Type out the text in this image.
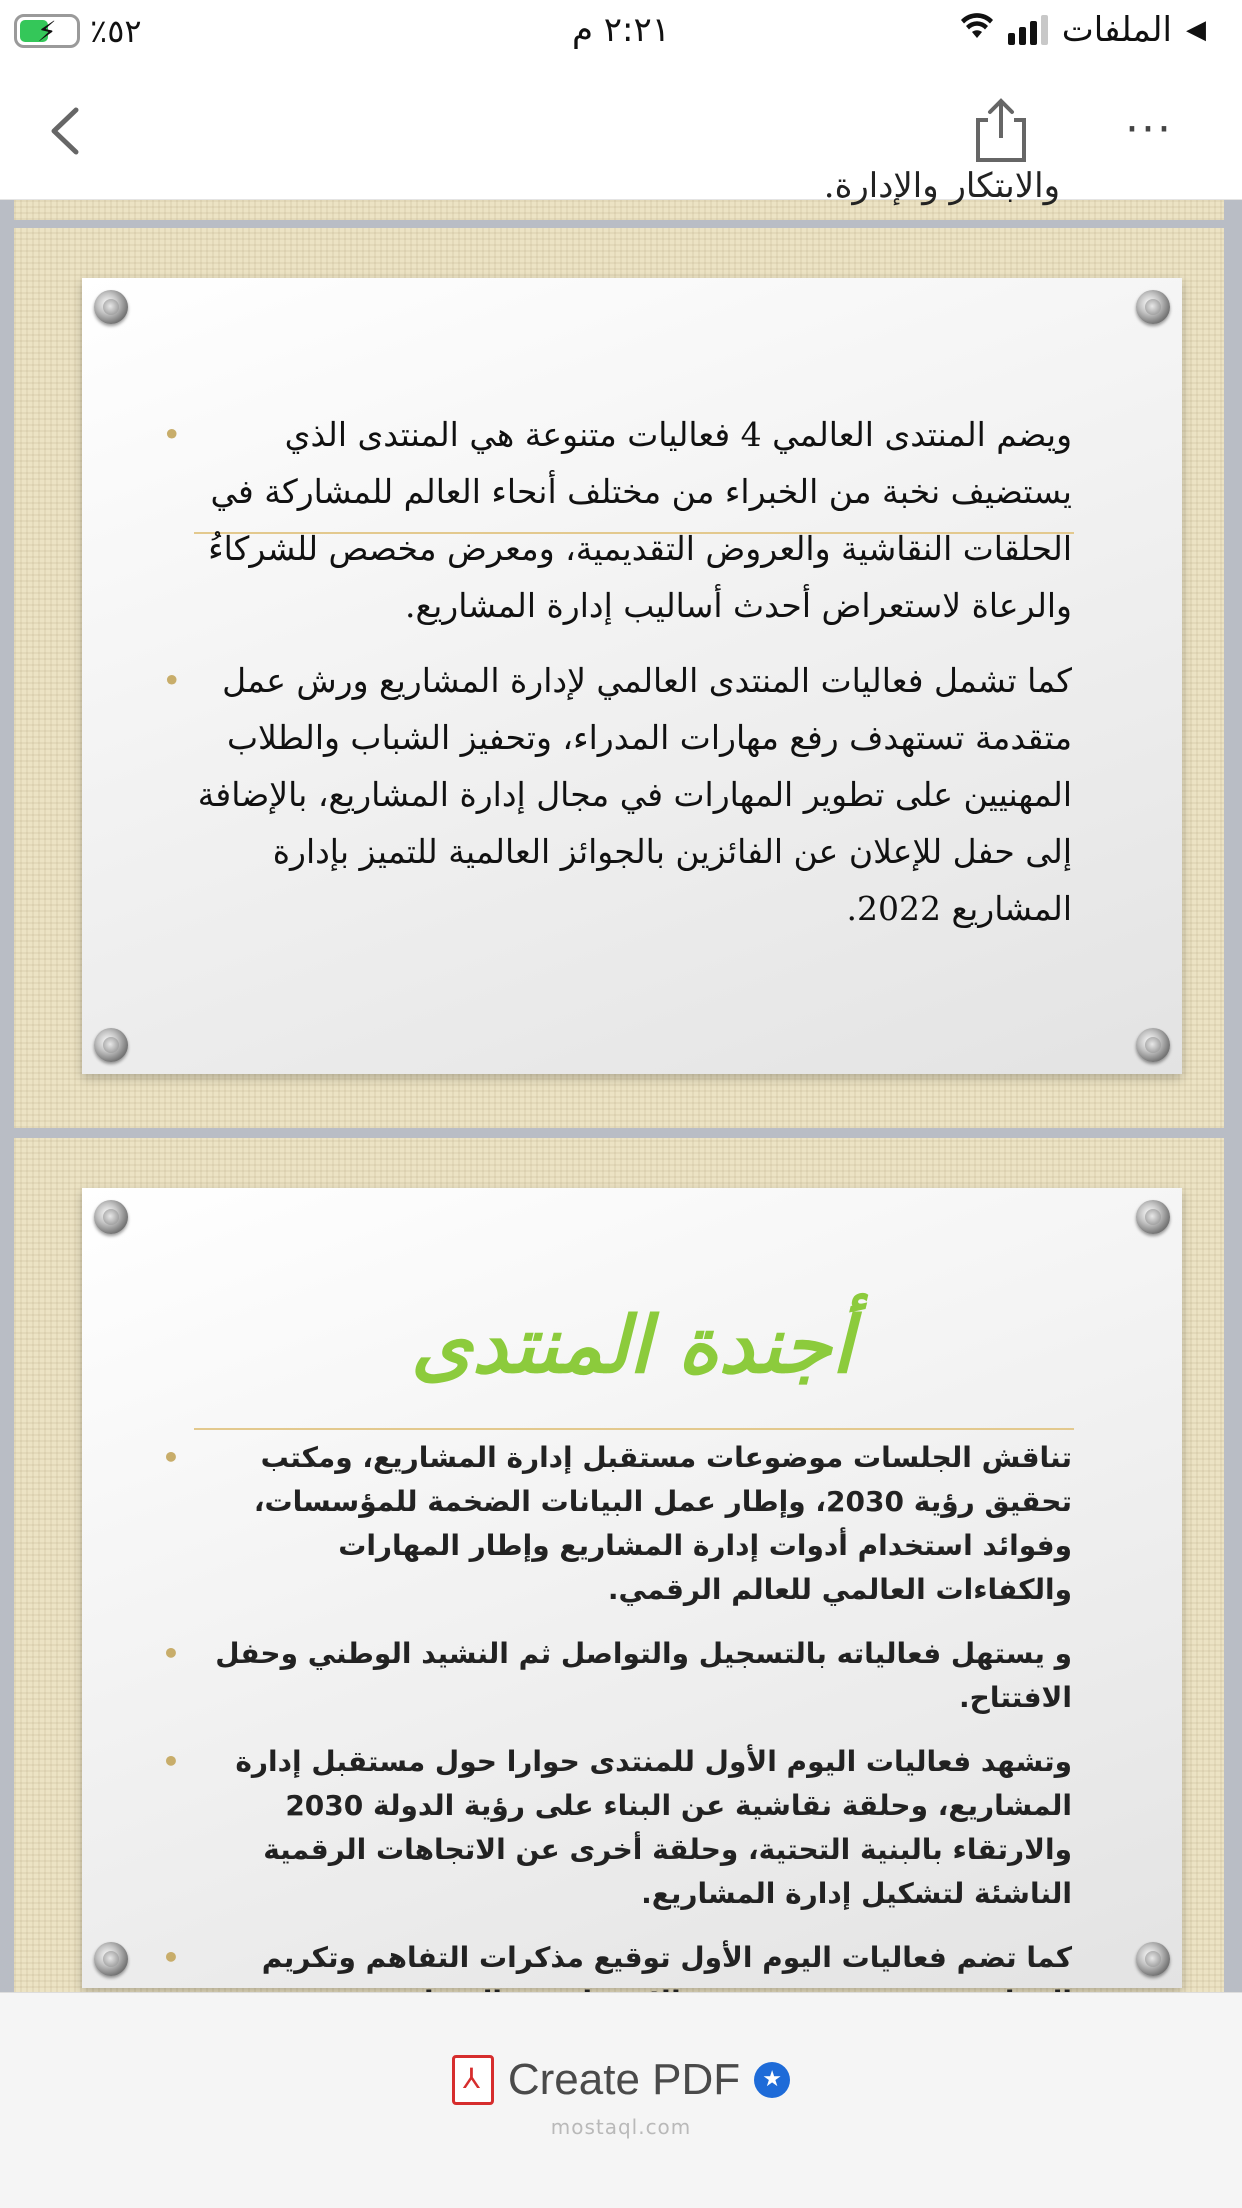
⚡ ٪٥٢	٢:٢١ م	الملفات ◀
···
والابتكار والإدارة.
•	ويضم المنتدى العالمي 4 فعاليات متنوعة هي المنتدى الذي يستضيف نخبة من الخبراء من مختلف أنحاء العالم للمشاركة في الحلقات النقاشية والعروض التقديمية، ومعرض مخصص للشركاءُ والرعاة لاستعراض أحدث أساليب إدارة المشاريع.
• كما تشمل فعاليات المنتدى العالمي لإدارة المشاريع ورش عمل متقدمة تستهدف رفع مهارات المدراء، وتحفيز الشباب والطلاب المهنيين على تطوير المهارات في مجال إدارة المشاريع، بالإضافة إلى حفل للإعلان عن الفائزين بالجوائز العالمية للتميز بإدارة المشاريع 2022.
أجندة المنتدى
•	تناقش الجلسات موضوعات مستقبل إدارة المشاريع، ومكتب تحقيق رؤية 2030، وإطار عمل البيانات الضخمة للمؤسسات، وفوائد استخدام أدوات إدارة المشاريع وإطار المهارات والكفاءات العالمي للعالم الرقمي.
• و يستهل فعالياته بالتسجيل والتواصل ثم النشيد الوطني وحفل الافتتاح.
• وتشهد فعاليات اليوم الأول للمنتدى حوارا حول مستقبل إدارة المشاريع، وحلقة نقاشية عن البناء على رؤية الدولة 2030 والارتقاء بالبنية التحتية، وحلقة أخرى عن الاتجاهات الرقمية الناشئة لتشكيل إدارة المشاريع.
•	كما تضم فعاليات اليوم الأول توقيع مذكرات التفاهم وتكريم
⅄
Create PDF	★
mostaql.com
